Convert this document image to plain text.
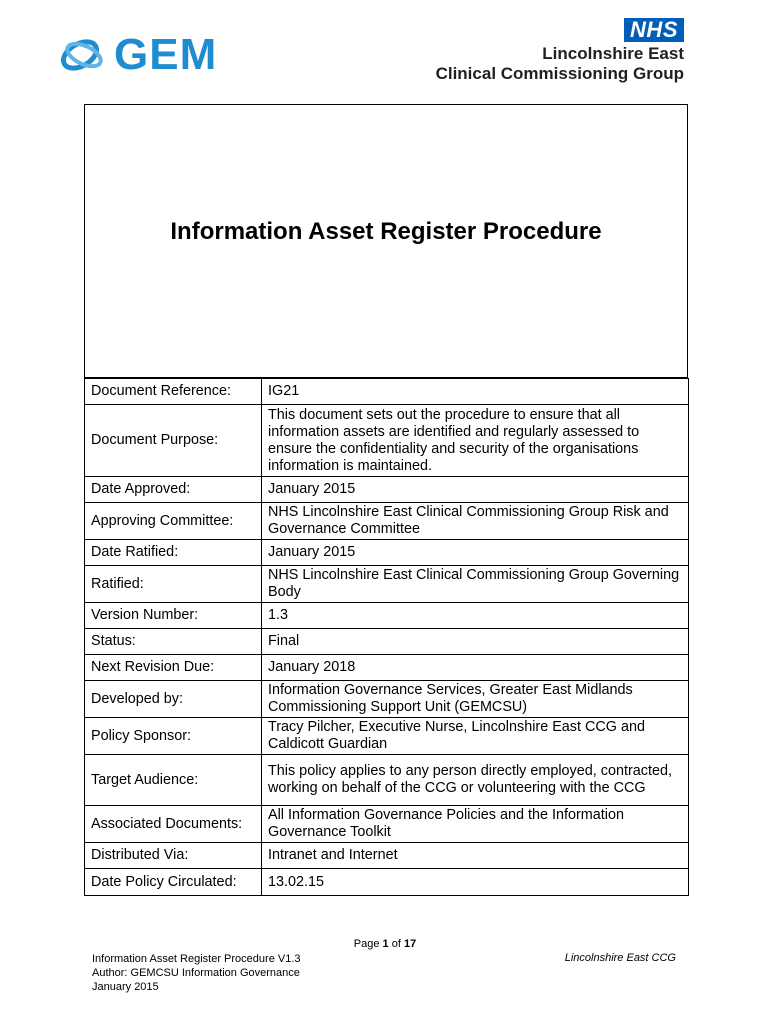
GEM
NHS
Lincolnshire East
Clinical Commissioning Group
Information Asset Register Procedure
Document Reference:	IG21
Document Purpose:	This document sets out the procedure to ensure that all information assets are identified and regularly assessed to ensure the confidentiality and security of the organisations information is maintained.
Date Approved:	January 2015
Approving Committee:	NHS Lincolnshire East Clinical Commissioning Group Risk and Governance Committee
Date Ratified:	January 2015
Ratified:	NHS Lincolnshire East Clinical Commissioning Group Governing Body
Version Number:	1.3
Status:	Final
Next Revision Due:	January 2018
Developed by:	Information Governance Services, Greater East Midlands Commissioning Support Unit (GEMCSU)
Policy Sponsor:	Tracy Pilcher, Executive Nurse, Lincolnshire East CCG and Caldicott Guardian
Target Audience:	This policy applies to any person directly employed, contracted, working on behalf of the CCG or volunteering with the CCG
Associated Documents:	All Information Governance Policies and the Information Governance Toolkit
Distributed Via:	Intranet and Internet
Date Policy Circulated:	13.02.15
Page 1 of 17
Information Asset Register Procedure V1.3
Author: GEMCSU Information Governance
January 2015
Lincolnshire East CCG
